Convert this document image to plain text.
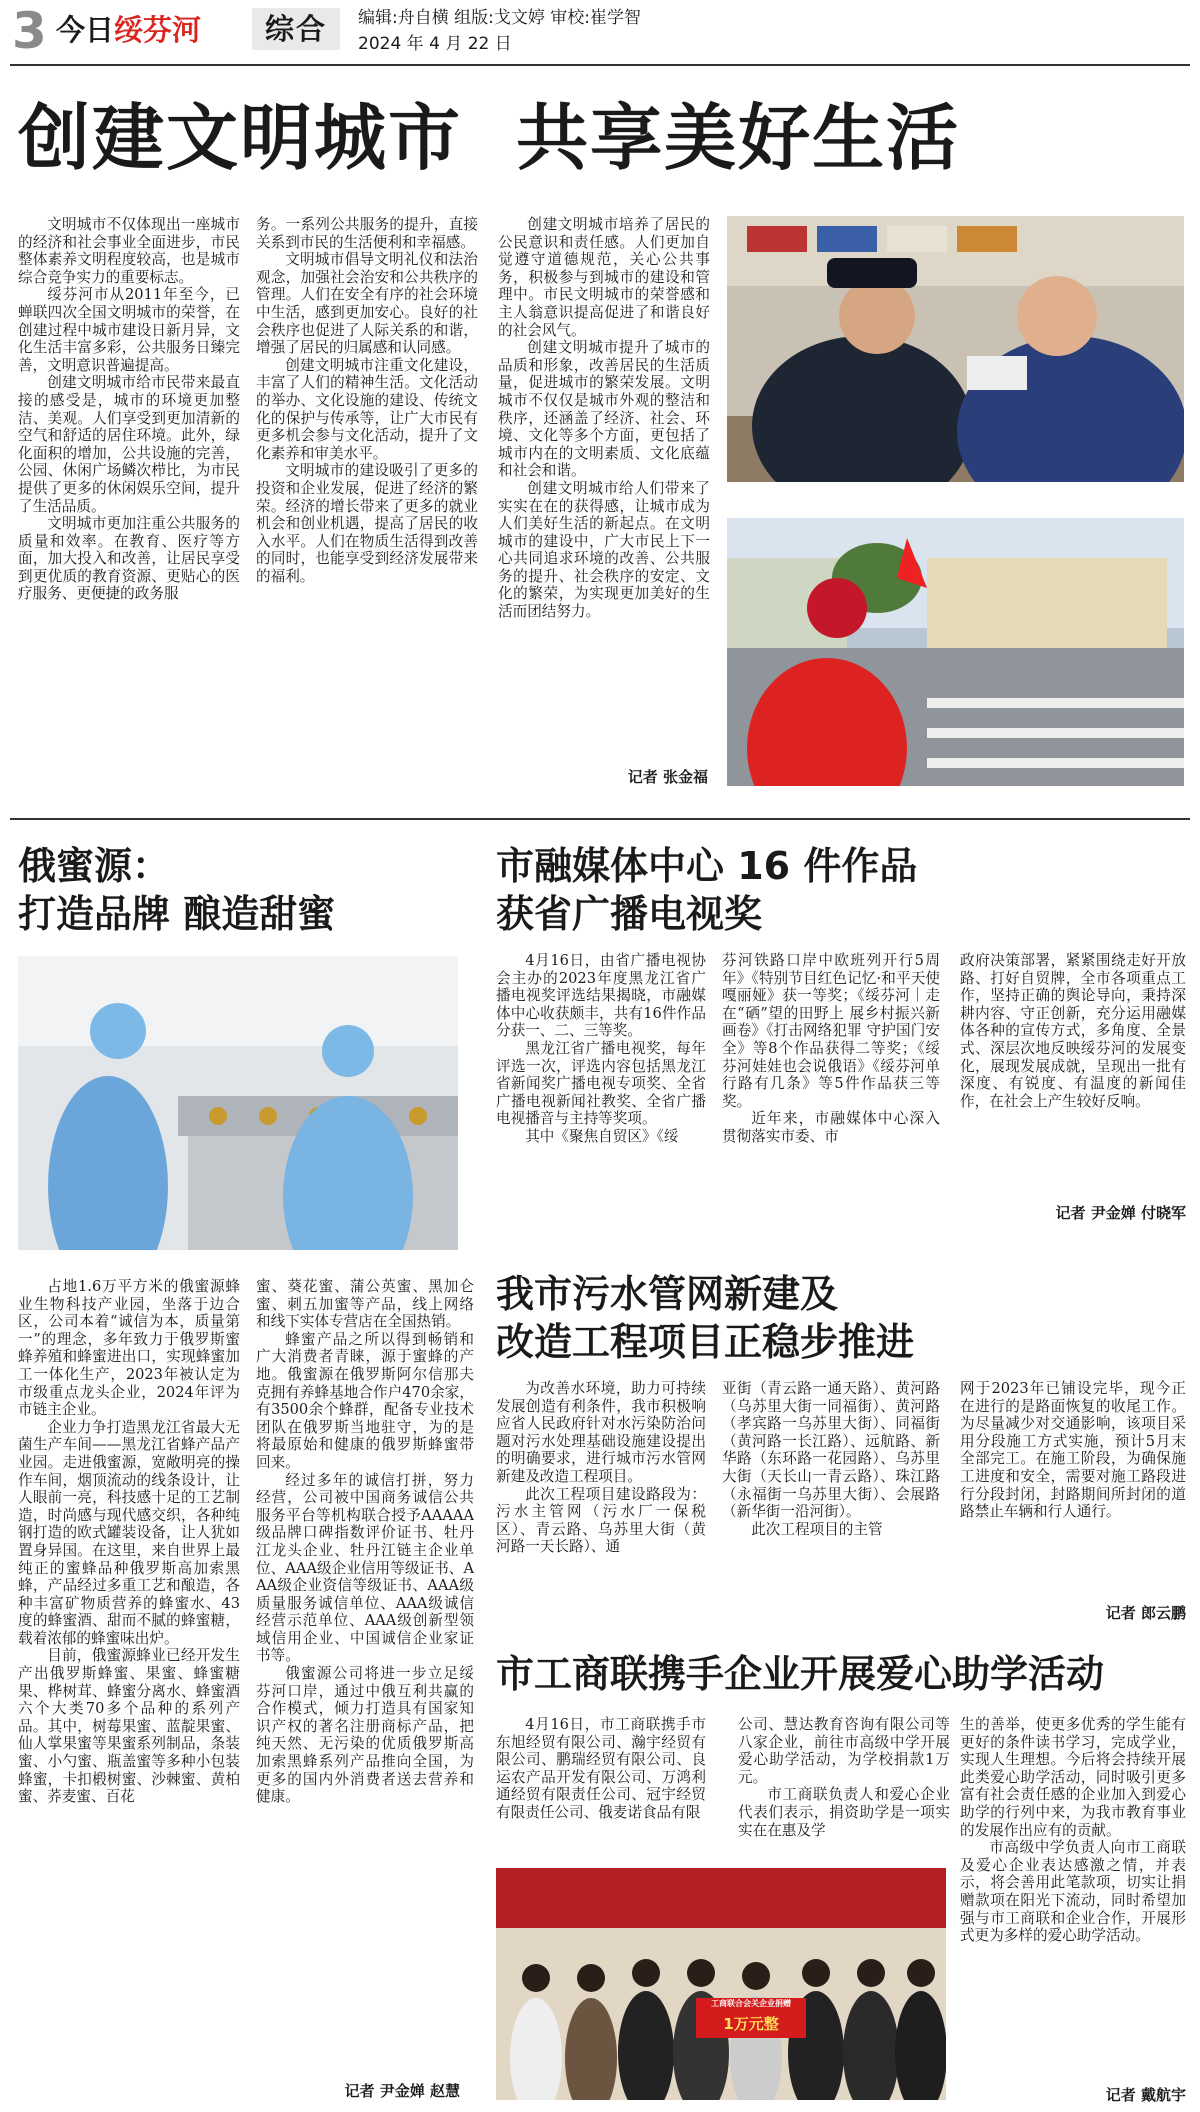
3 今日绥芬河	综合	编辑:舟自横 组版:戈文婷 审校:崔学智
2024 年 4 月 22 日
创建文明城市  共享美好生活

文明城市不仅体现出一座城市的经济和社会事业全面进步，市民整体素养文明程度较高，也是城市综合竞争实力的重要标志。

绥芬河市从2011年至今，已蝉联四次全国文明城市的荣誉，在创建过程中城市建设日新月异，文化生活丰富多彩，公共服务日臻完善，文明意识普遍提高。

创建文明城市给市民带来最直接的感受是，城市的环境更加整洁、美观。人们享受到更加清新的空气和舒适的居住环境。此外，绿化面积的增加，公共设施的完善，公园、休闲广场鳞次栉比，为市民提供了更多的休闲娱乐空间，提升了生活品质。

文明城市更加注重公共服务的质量和效率。在教育、医疗等方面，加大投入和改善，让居民享受到更优质的教育资源、更贴心的医疗服务、更便捷的政务服

务。一系列公共服务的提升，直接关系到市民的生活便利和幸福感。

文明城市倡导文明礼仪和法治观念，加强社会治安和公共秩序的管理。人们在安全有序的社会环境中生活，感到更加安心。良好的社会秩序也促进了人际关系的和谐，增强了居民的归属感和认同感。

创建文明城市注重文化建设，丰富了人们的精神生活。文化活动的举办、文化设施的建设、传统文化的保护与传承等，让广大市民有更多机会参与文化活动，提升了文化素养和审美水平。

文明城市的建设吸引了更多的投资和企业发展，促进了经济的繁荣。经济的增长带来了更多的就业机会和创业机遇，提高了居民的收入水平。人们在物质生活得到改善的同时，也能享受到经济发展带来的福利。

创建文明城市培养了居民的公民意识和责任感。人们更加自觉遵守道德规范，关心公共事务，积极参与到城市的建设和管理中。市民文明城市的荣誉感和主人翁意识提高促进了和谐良好的社会风气。

创建文明城市提升了城市的品质和形象，改善居民的生活质量，促进城市的繁荣发展。文明城市不仅仅是城市外观的整洁和秩序，还涵盖了经济、社会、环境、文化等多个方面，更包括了城市内在的文明素质、文化底蕴和社会和谐。

创建文明城市给人们带来了实实在在的获得感，让城市成为人们美好生活的新起点。在文明城市的建设中，广大市民上下一心共同追求环境的改善、公共服务的提升、社会秩序的安定、文化的繁荣，为实现更加美好的生活而团结努力。

记者 张金福
俄蜜源：
打造品牌 酿造甜蜜

占地1.6万平方米的俄蜜源蜂业生物科技产业园，坐落于边合区，公司本着“诚信为本，质量第一”的理念，多年致力于俄罗斯蜜蜂养殖和蜂蜜进出口，实现蜂蜜加工一体化生产，2023年被认定为市级重点龙头企业，2024年评为市链主企业。

企业力争打造黑龙江省最大无菌生产车间——黑龙江省蜂产品产业园。走进俄蜜源，宽敞明亮的操作车间，烟顶流动的线条设计，让人眼前一亮，科技感十足的工艺制造，时尚感与现代感交织，各种纯钢打造的欧式罐装设备，让人犹如置身异国。在这里，来自世界上最纯正的蜜蜂品种俄罗斯高加索黑蜂，产品经过多重工艺和酿造，各种丰富矿物质营养的蜂蜜水、43度的蜂蜜酒、甜而不腻的蜂蜜糖，载着浓郁的蜂蜜味出炉。

目前，俄蜜源蜂业已经开发生产出俄罗斯蜂蜜、果蜜、蜂蜜糖果、桦树茸、蜂蜜分离水、蜂蜜酒六个大类70多个品种的系列产品。其中，树莓果蜜、蓝靛果蜜、仙人掌果蜜等果蜜系列制品，条装蜜、小勺蜜、瓶盖蜜等多种小包装蜂蜜，卡扣椴树蜜、沙棘蜜、黄柏蜜、荞麦蜜、百花

蜜、葵花蜜、蒲公英蜜、黑加仑蜜、刺五加蜜等产品，线上网络和线下实体专营店在全国热销。

蜂蜜产品之所以得到畅销和广大消费者青睐，源于蜜蜂的产地。俄蜜源在俄罗斯阿尔信那夫克拥有养蜂基地合作户470余家，有3500余个蜂群，配备专业技术团队在俄罗斯当地驻守，为的是将最原始和健康的俄罗斯蜂蜜带回来。

经过多年的诚信打拼，努力经营，公司被中国商务诚信公共服务平台等机构联合授予AAAAA级品牌口碑指数评价证书、牡丹江龙头企业、牡丹江链主企业单位、AAA级企业信用等级证书、AAA级企业资信等级证书、AAA级质量服务诚信单位、AAA级诚信经营示范单位、AAA级创新型领域信用企业、中国诚信企业家证书等。

俄蜜源公司将进一步立足绥芬河口岸，通过中俄互利共赢的合作模式，倾力打造具有国家知识产权的著名注册商标产品，把纯天然、无污染的优质俄罗斯高加索黑蜂系列产品推向全国，为更多的国内外消费者送去营养和健康。

记者 尹金婵 赵慧
市融媒体中心 16 件作品
获省广播电视奖

4月16日，由省广播电视协会主办的2023年度黑龙江省广播电视奖评选结果揭晓，市融媒体中心收获颇丰，共有16件作品分获一、二、三等奖。

黑龙江省广播电视奖，每年评选一次，评选内容包括黑龙江省新闻奖广播电视专项奖、全省广播电视新闻社教奖、全省广播电视播音与主持等奖项。

其中《聚焦自贸区》《绥

芬河铁路口岸中欧班列开行5周年》《特别节目红色记忆·和平天使嘎丽娅》获一等奖；《绥芬河｜走在“硒”望的田野上 展乡村振兴新画卷》《打击网络犯罪 守护国门安全》等8个作品获得二等奖；《绥芬河娃娃也会说俄语》《绥芬河单行路有几条》等5件作品获三等奖。

近年来，市融媒体中心深入贯彻落实市委、市

政府决策部署，紧紧围绕走好开放路、打好自贸牌，全市各项重点工作，坚持正确的舆论导向，秉持深耕内容、守正创新，充分运用融媒体各种的宣传方式，多角度、全景式、深层次地反映绥芬河的发展变化，展现发展成就，呈现出一批有深度、有锐度、有温度的新闻佳作，在社会上产生较好反响。

记者 尹金婵 付晓军
我市污水管网新建及
改造工程项目正稳步推进

为改善水环境，助力可持续发展创造有利条件，我市积极响应省人民政府针对水污染防治问题对污水处理基础设施建设提出的明确要求，进行城市污水管网新建及改造工程项目。

此次工程项目建设路段为：污水主管网（污水厂一保税区）、青云路、乌苏里大街（黄河路一天长路）、通

亚街（青云路一通天路）、黄河路（乌苏里大街一同福街）、黄河路（孝宾路一乌苏里大街）、同福街（黄河路一长江路）、远航路、新华路（东环路一花园路）、乌苏里大街（天长山一青云路）、珠江路（永福街一乌苏里大街）、会展路（新华街一沿河街）。

此次工程项目的主管

网于2023年已铺设完毕，现今正在进行的是路面恢复的收尾工作。为尽量减少对交通影响，该项目采用分段施工方式实施，预计5月末全部完工。在施工阶段，为确保施工进度和安全，需要对施工路段进行分段封闭，封路期间所封闭的道路禁止车辆和行人通行。

记者 郎云鹏
市工商联携手企业开展爱心助学活动

4月16日，市工商联携手市东旭经贸有限公司、瀚宇经贸有限公司、鹏瑞经贸有限公司、良运农产品开发有限公司、万鸿利通经贸有限责任公司、冠宇经贸有限责任公司、俄麦诺食品有限

公司、慧达教育咨询有限公司等八家企业，前往市高级中学开展爱心助学活动，为学校捐款1万元。

市工商联负责人和爱心企业代表们表示，捐资助学是一项实实在在惠及学

生的善举，使更多优秀的学生能有更好的条件读书学习，完成学业，实现人生理想。今后将会持续开展此类爱心助学活动，同时吸引更多富有社会责任感的企业加入到爱心助学的行列中来，为我市教育事业的发展作出应有的贡献。

市高级中学负责人向市工商联及爱心企业表达感激之情，并表示，将会善用此笔款项，切实让捐赠款项在阳光下流动，同时希望加强与市工商联和企业合作，开展形式更为多样的爱心助学活动。

工商联合会关企业捐赠
1万元整
记者 戴航宇
